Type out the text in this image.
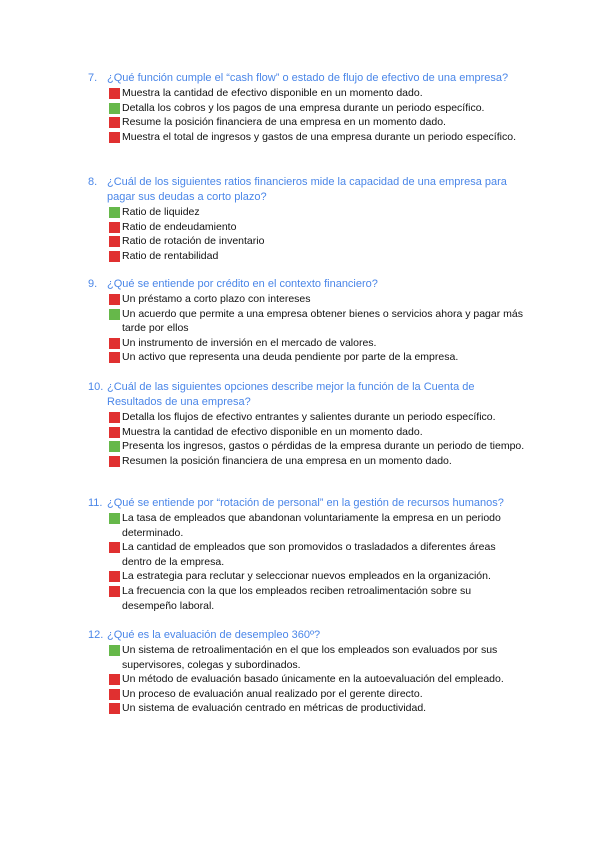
7. ¿Qué función cumple el “cash flow” o estado de flujo de efectivo de una empresa?
Muestra la cantidad de efectivo disponible en un momento dado.
Detalla los cobros y los pagos de una empresa durante un periodo específico.
Resume la posición financiera de una empresa en un momento dado.
Muestra el total de ingresos y gastos de una empresa durante un periodo específico.
8. ¿Cuál de los siguientes ratios financieros mide la capacidad de una empresa para pagar sus deudas a corto plazo?
Ratio de liquidez
Ratio de endeudamiento
Ratio de rotación de inventario
Ratio de rentabilidad
9. ¿Qué se entiende por crédito en el contexto financiero?
Un préstamo a corto plazo con intereses
Un acuerdo que permite a una empresa obtener bienes o servicios ahora y pagar más tarde por ellos
Un instrumento de inversión en el mercado de valores.
Un activo que representa una deuda pendiente por parte de la empresa.
10. ¿Cuál de las siguientes opciones describe mejor la función de la Cuenta de Resultados de una empresa?
Detalla los flujos de efectivo entrantes y salientes durante un periodo específico.
Muestra la cantidad de efectivo disponible en un momento dado.
Presenta los ingresos, gastos o pérdidas de la empresa durante un periodo de tiempo.
Resumen la posición financiera de una empresa en un momento dado.
11. ¿Qué se entiende por “rotación de personal” en la gestión de recursos humanos?
La tasa de empleados que abandonan voluntariamente la empresa en un periodo determinado.
La cantidad de empleados que son promovidos o trasladados a diferentes áreas dentro de la empresa.
La estrategia para reclutar y seleccionar nuevos empleados en la organización.
La frecuencia con la que los empleados reciben retroalimentación sobre su desempeño laboral.
12. ¿Qué es la evaluación de desempleo 360º?
Un sistema de retroalimentación en el que los empleados son evaluados por sus supervisores, colegas y subordinados.
Un método de evaluación basado únicamente en la autoevaluación del empleado.
Un proceso de evaluación anual realizado por el gerente directo.
Un sistema de evaluación centrado en métricas de productividad.
